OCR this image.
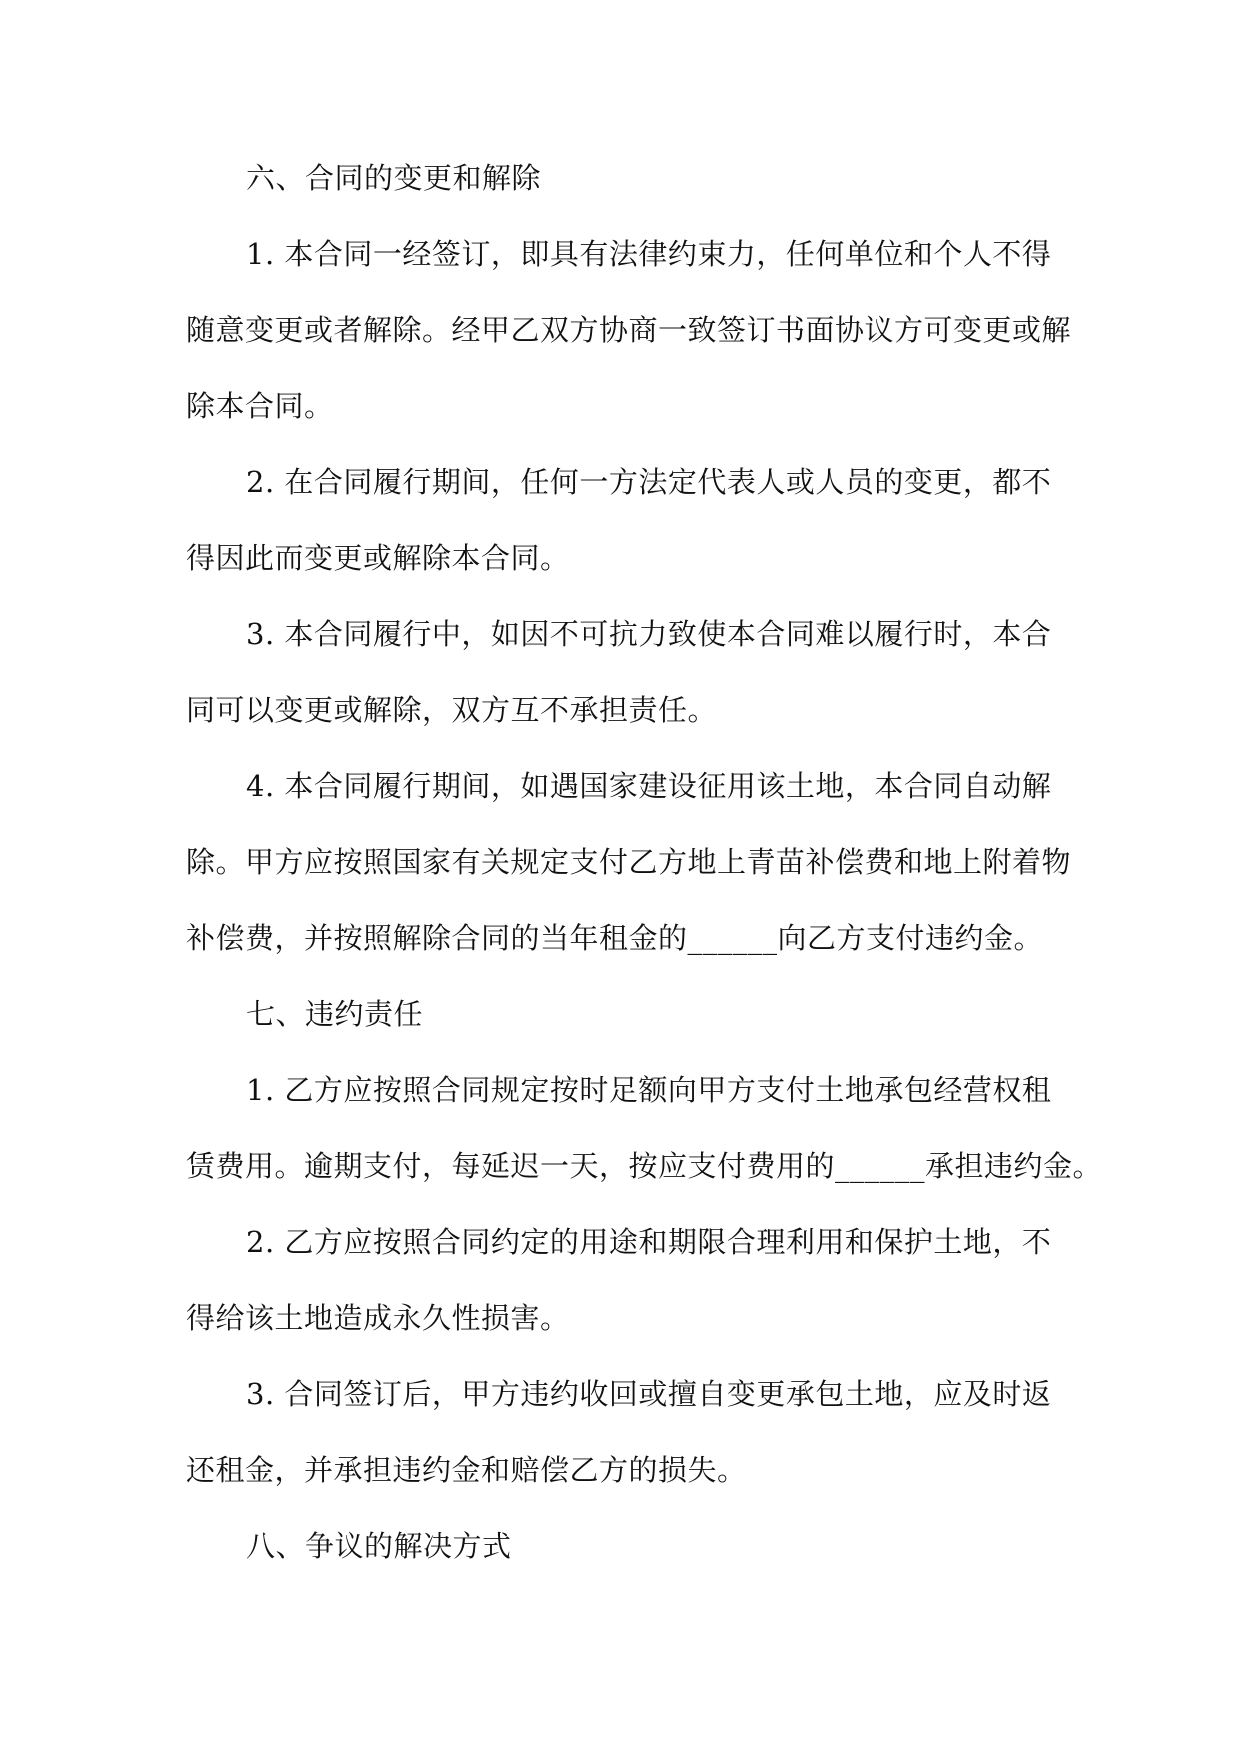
六、合同的变更和解除
1. 本合同一经签订，即具有法律约束力，任何单位和个人不得
随意变更或者解除。经甲乙双方协商一致签订书面协议方可变更或解
除本合同。
2. 在合同履行期间，任何一方法定代表人或人员的变更，都不
得因此而变更或解除本合同。
3. 本合同履行中，如因不可抗力致使本合同难以履行时，本合
同可以变更或解除，双方互不承担责任。
4. 本合同履行期间，如遇国家建设征用该土地，本合同自动解
除。甲方应按照国家有关规定支付乙方地上青苗补偿费和地上附着物
补偿费，并按照解除合同的当年租金的______向乙方支付违约金。
七、违约责任
1. 乙方应按照合同规定按时足额向甲方支付土地承包经营权租
赁费用。逾期支付，每延迟一天，按应支付费用的______承担违约金。
2. 乙方应按照合同约定的用途和期限合理利用和保护土地，不
得给该土地造成永久性损害。
3. 合同签订后，甲方违约收回或擅自变更承包土地，应及时返
还租金，并承担违约金和赔偿乙方的损失。
八、争议的解决方式
